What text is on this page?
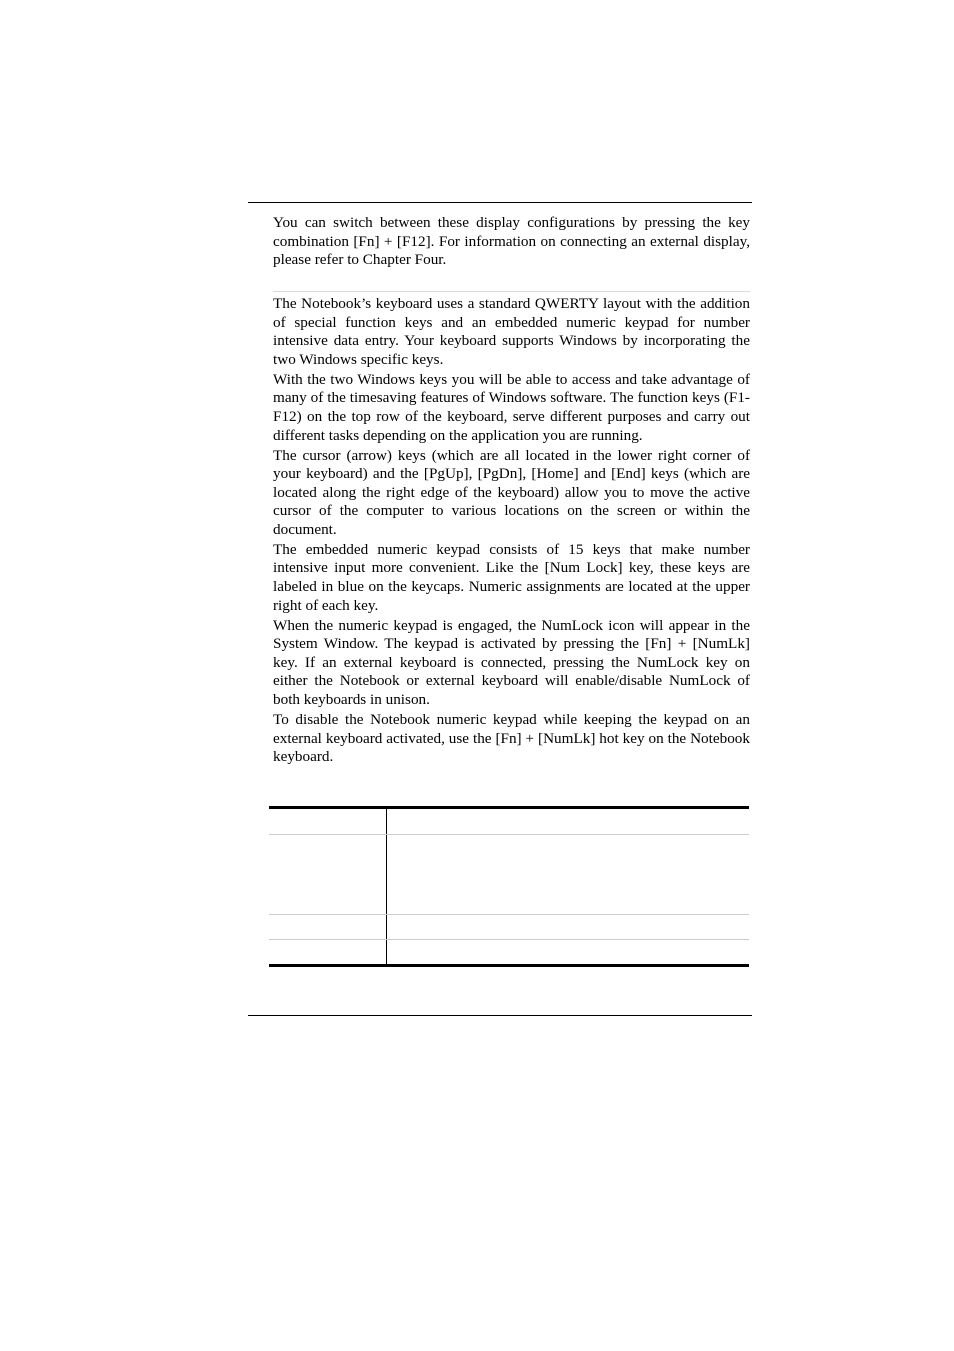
You can switch between these display configurations by pressing the key combination [Fn] + [F12]. For information on connecting an external display, please refer to Chapter Four.

The Notebook’s keyboard uses a standard QWERTY layout with the addition of special function keys and an embedded numeric keypad for number intensive data entry. Your keyboard supports Windows by incorporating the two Windows specific keys.

With the two Windows keys you will be able to access and take advantage of many of the timesaving features of Windows software. The function keys (F1-F12) on the top row of the keyboard, serve different purposes and carry out different tasks depending on the application you are running.

The cursor (arrow) keys (which are all located in the lower right corner of your keyboard) and the [PgUp], [PgDn], [Home] and [End] keys (which are located along the right edge of the keyboard) allow you to move the active cursor of the computer to various locations on the screen or within the document.

The embedded numeric keypad consists of 15 keys that make number intensive input more convenient. Like the [Num Lock] key, these keys are labeled in blue on the keycaps. Numeric assignments are located at the upper right of each key.

When the numeric keypad is engaged, the NumLock icon will appear in the System Window. The keypad is activated by pressing the [Fn] + [NumLk] key. If an external keyboard is connected, pressing the NumLock key on either the Notebook or external keyboard will enable/disable NumLock of both keyboards in unison.

To disable the Notebook numeric keypad while keeping the keypad on an external keyboard activated, use the [Fn] + [NumLk] hot key on the Notebook keyboard.
